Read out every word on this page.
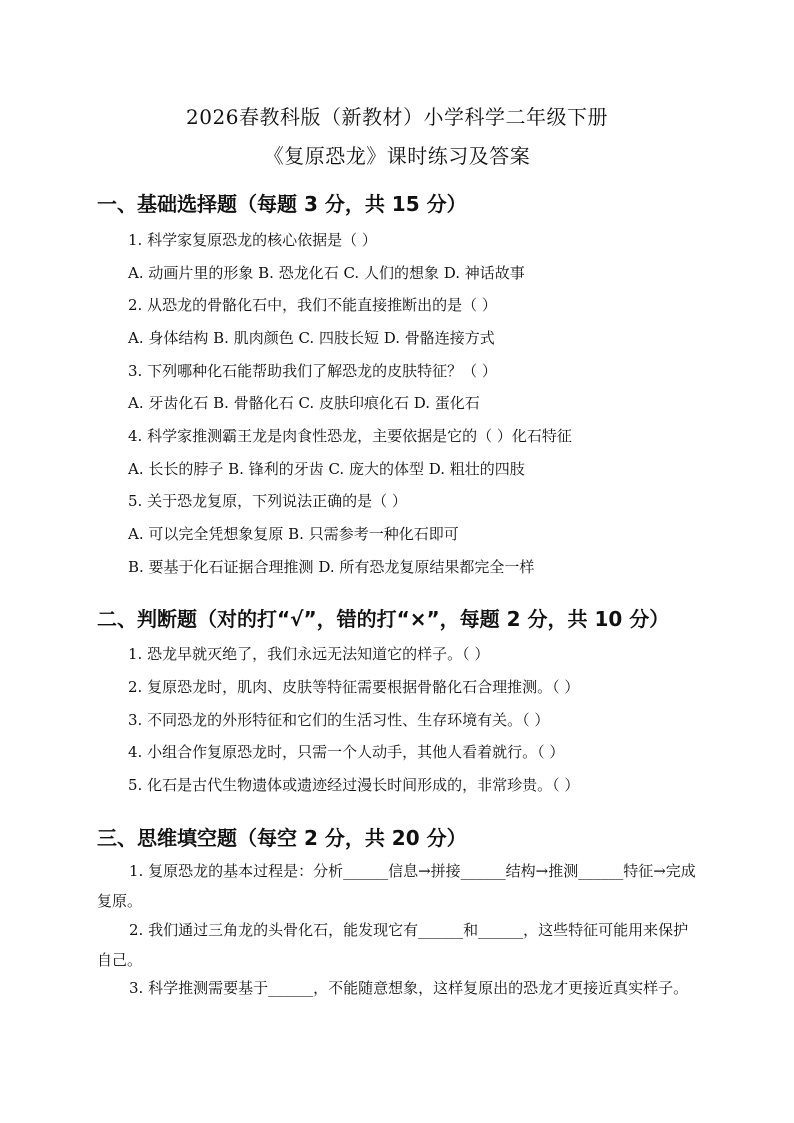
2026春教科版（新教材）小学科学二年级下册
《复原恐龙》课时练习及答案
一、基础选择题（每题 3 分，共 15 分）
1. 科学家复原恐龙的核心依据是（ ）
A. 动画片里的形象 B. 恐龙化石 C. 人们的想象 D. 神话故事
2. 从恐龙的骨骼化石中，我们不能直接推断出的是（ ）
A. 身体结构 B. 肌肉颜色 C. 四肢长短 D. 骨骼连接方式
3. 下列哪种化石能帮助我们了解恐龙的皮肤特征？（ ）
A. 牙齿化石 B. 骨骼化石 C. 皮肤印痕化石 D. 蛋化石
4. 科学家推测霸王龙是肉食性恐龙，主要依据是它的（ ）化石特征
A. 长长的脖子 B. 锋利的牙齿 C. 庞大的体型 D. 粗壮的四肢
5. 关于恐龙复原，下列说法正确的是（ ）
A. 可以完全凭想象复原 B. 只需参考一种化石即可
B. 要基于化石证据合理推测 D. 所有恐龙复原结果都完全一样
二、判断题（对的打“√”，错的打“×”，每题 2 分，共 10 分）
1. 恐龙早就灭绝了，我们永远无法知道它的样子。（ ）
2. 复原恐龙时，肌肉、皮肤等特征需要根据骨骼化石合理推测。（ ）
3. 不同恐龙的外形特征和它们的生活习性、生存环境有关。（ ）
4. 小组合作复原恐龙时，只需一个人动手，其他人看着就行。（ ）
5. 化石是古代生物遗体或遗迹经过漫长时间形成的，非常珍贵。（ ）
三、思维填空题（每空 2 分，共 20 分）
1. 复原恐龙的基本过程是：分析______信息→拼接______结构→推测______特征→完成复原。
2. 我们通过三角龙的头骨化石，能发现它有______和______，这些特征可能用来保护自己。
3. 科学推测需要基于______，不能随意想象，这样复原出的恐龙才更接近真实样子。
